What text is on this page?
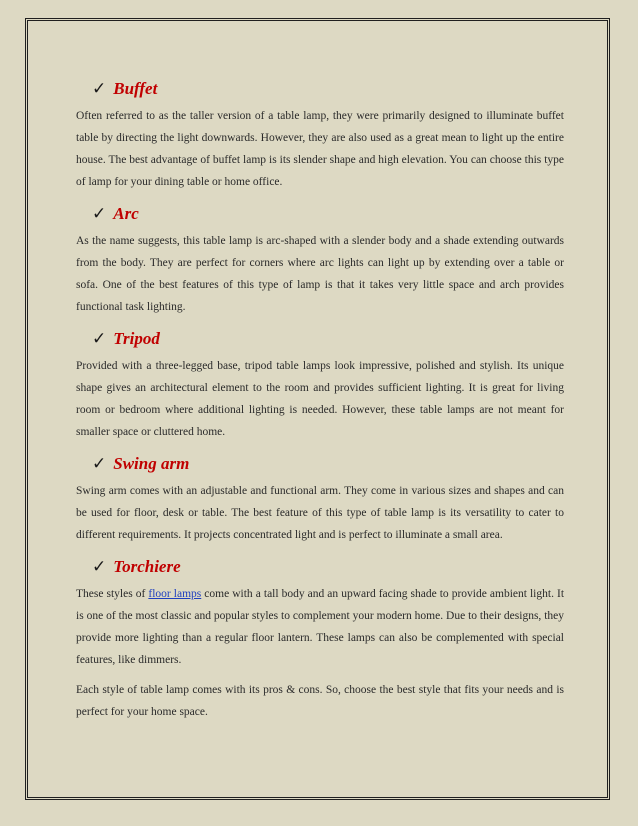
✓ Buffet

Often referred to as the taller version of a table lamp, they were primarily designed to illuminate buffet table by directing the light downwards. However, they are also used as a great mean to light up the entire house. The best advantage of buffet lamp is its slender shape and high elevation. You can choose this type of lamp for your dining table or home office.

✓ Arc

As the name suggests, this table lamp is arc-shaped with a slender body and a shade extending outwards from the body. They are perfect for corners where arc lights can light up by extending over a table or sofa. One of the best features of this type of lamp is that it takes very little space and arch provides functional task lighting.

✓ Tripod

Provided with a three-legged base, tripod table lamps look impressive, polished and stylish. Its unique shape gives an architectural element to the room and provides sufficient lighting. It is great for living room or bedroom where additional lighting is needed. However, these table lamps are not meant for smaller space or cluttered home.

✓ Swing arm

Swing arm comes with an adjustable and functional arm. They come in various sizes and shapes and can be used for floor, desk or table. The best feature of this type of table lamp is its versatility to cater to different requirements. It projects concentrated light and is perfect to illuminate a small area.

✓ Torchiere

These styles of floor lamps come with a tall body and an upward facing shade to provide ambient light. It is one of the most classic and popular styles to complement your modern home. Due to their designs, they provide more lighting than a regular floor lantern. These lamps can also be complemented with special features, like dimmers.

Each style of table lamp comes with its pros & cons. So, choose the best style that fits your needs and is perfect for your home space.
